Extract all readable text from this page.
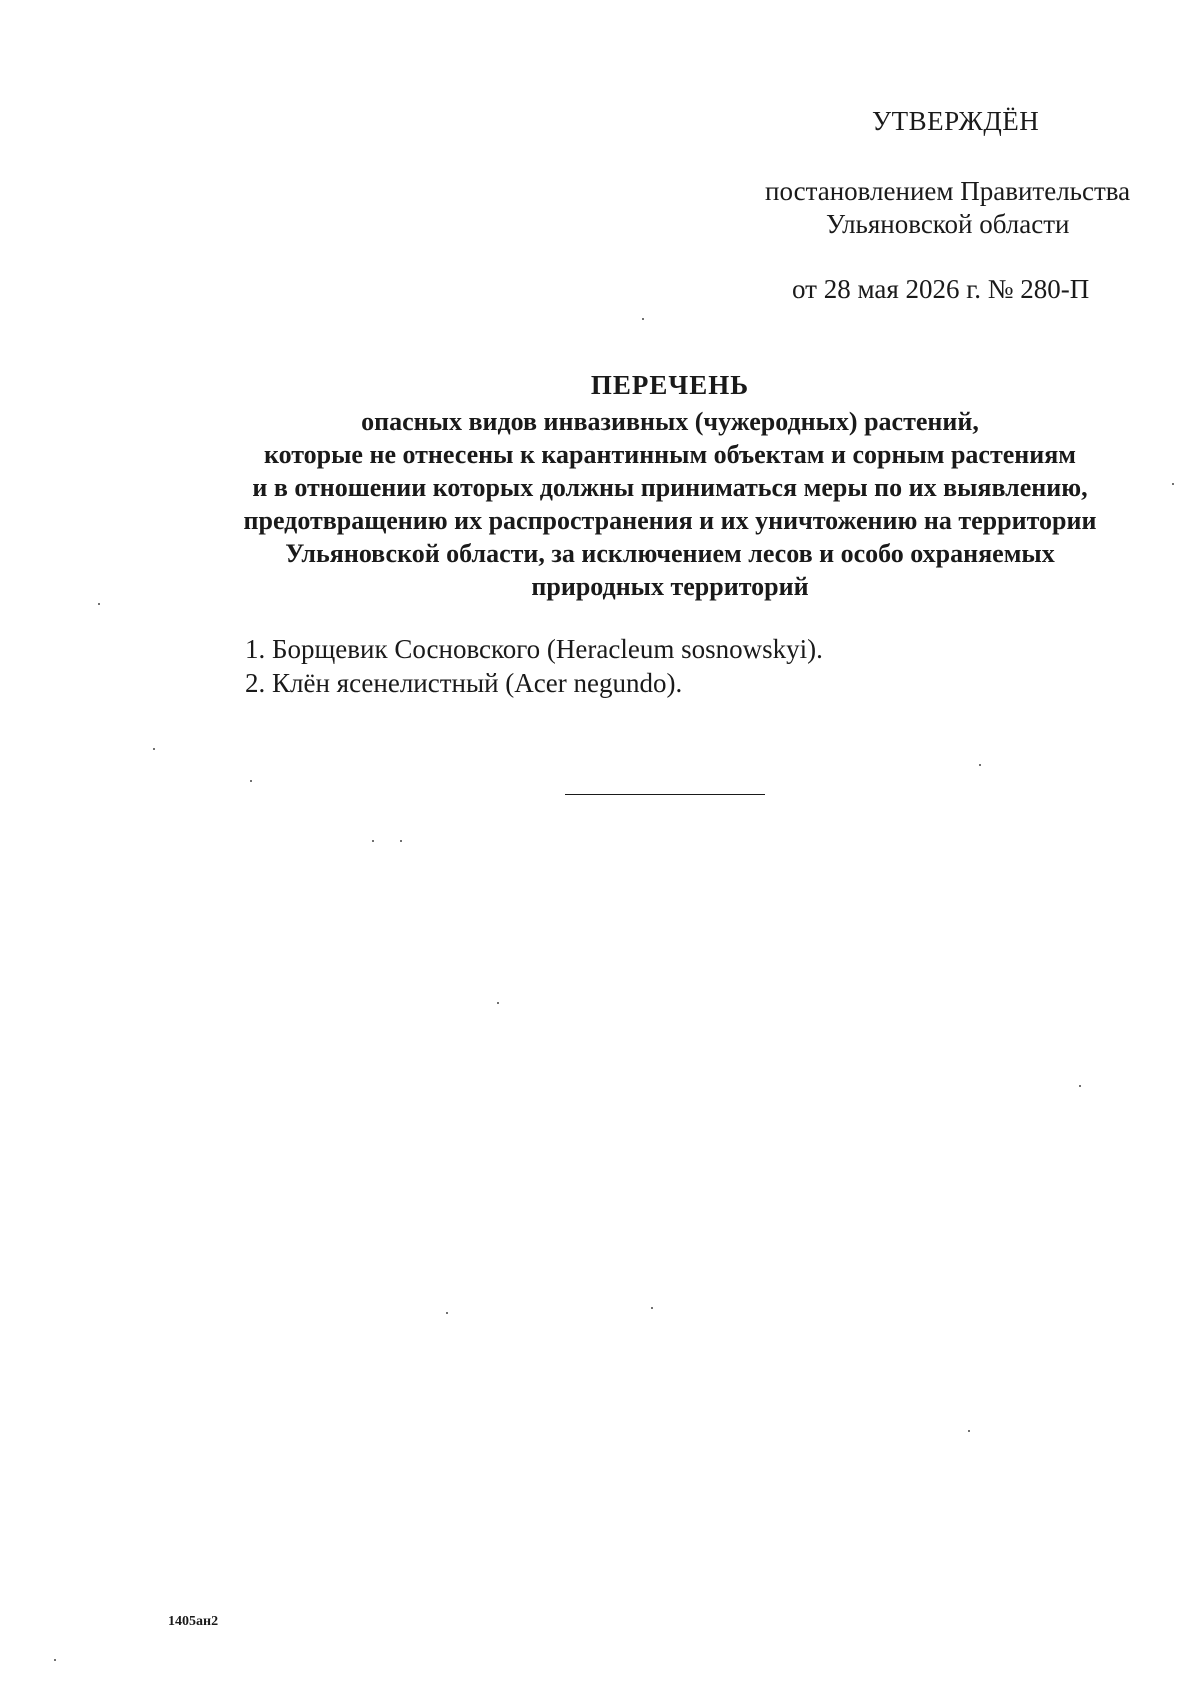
УТВЕРЖДЁН
постановлением Правительства
Ульяновской области
от 28 мая 2026 г. № 280-П
ПЕРЕЧЕНЬ
опасных видов инвазивных (чужеродных) растений,
которые не отнесены к карантинным объектам и сорным растениям
и в отношении которых должны приниматься меры по их выявлению,
предотвращению их распространения и их уничтожению на территории
Ульяновской области, за исключением лесов и особо охраняемых
природных территорий
1. Борщевик Сосновского (Heracleum sosnowskyi).
2. Клён ясенелистный (Acer negundo).
1405ан2
